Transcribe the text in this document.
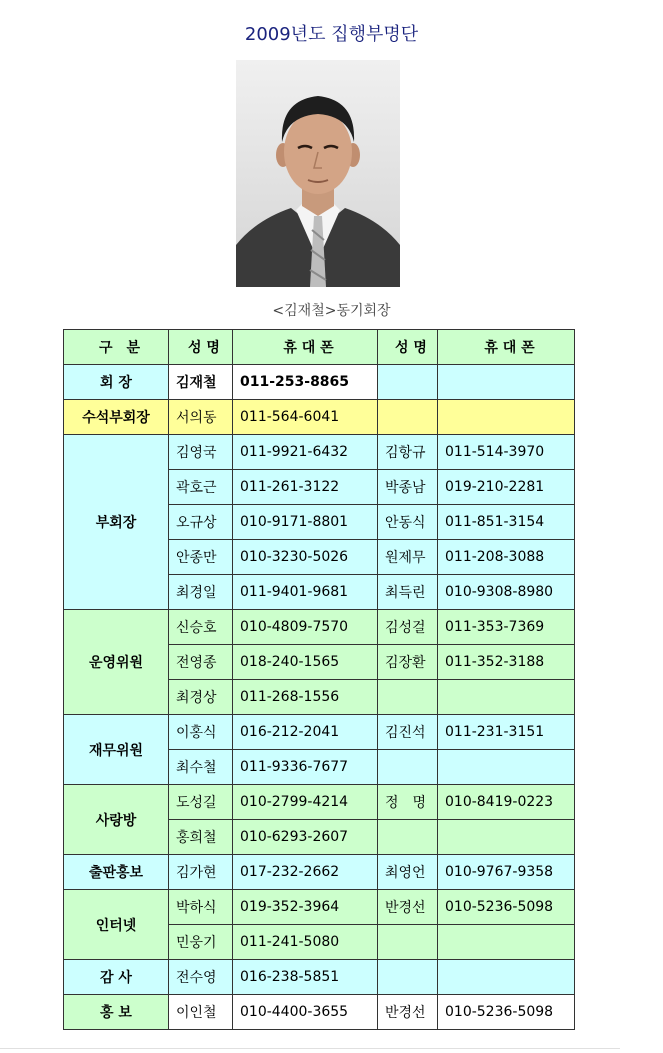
2009년도 집행부명단
<김재철>동기회장
구　분	성 명	휴 대 폰	성 명	휴 대 폰
회 장	김재철	011-253-8865		
수석부회장	서의동	011-564-6041		
부회장	김영국	011-9921-6432	김항규	011-514-3970
	곽호근	011-261-3122	박종남	019-210-2281
	오규상	010-9171-8801	안동식	011-851-3154
	안종만	010-3230-5026	원제무	011-208-3088
	최경일	011-9401-9681	최득린	010-9308-8980
운영위원	신승호	010-4809-7570	김성걸	011-353-7369
	전영종	018-240-1565	김장환	011-352-3188
	최경상	011-268-1556		
재무위원	이홍식	016-212-2041	김진석	011-231-3151
	최수철	011-9336-7677		
사랑방	도성길	010-2799-4214	정　명	010-8419-0223
	홍희철	010-6293-2607		
출판홍보	김가현	017-232-2662	최영언	010-9767-9358
인터넷	박하식	019-352-3964	반경선	010-5236-5098
	민웅기	011-241-5080		
감 사	전수영	016-238-5851		
홍 보	이인철	010-4400-3655	반경선	010-5236-5098
